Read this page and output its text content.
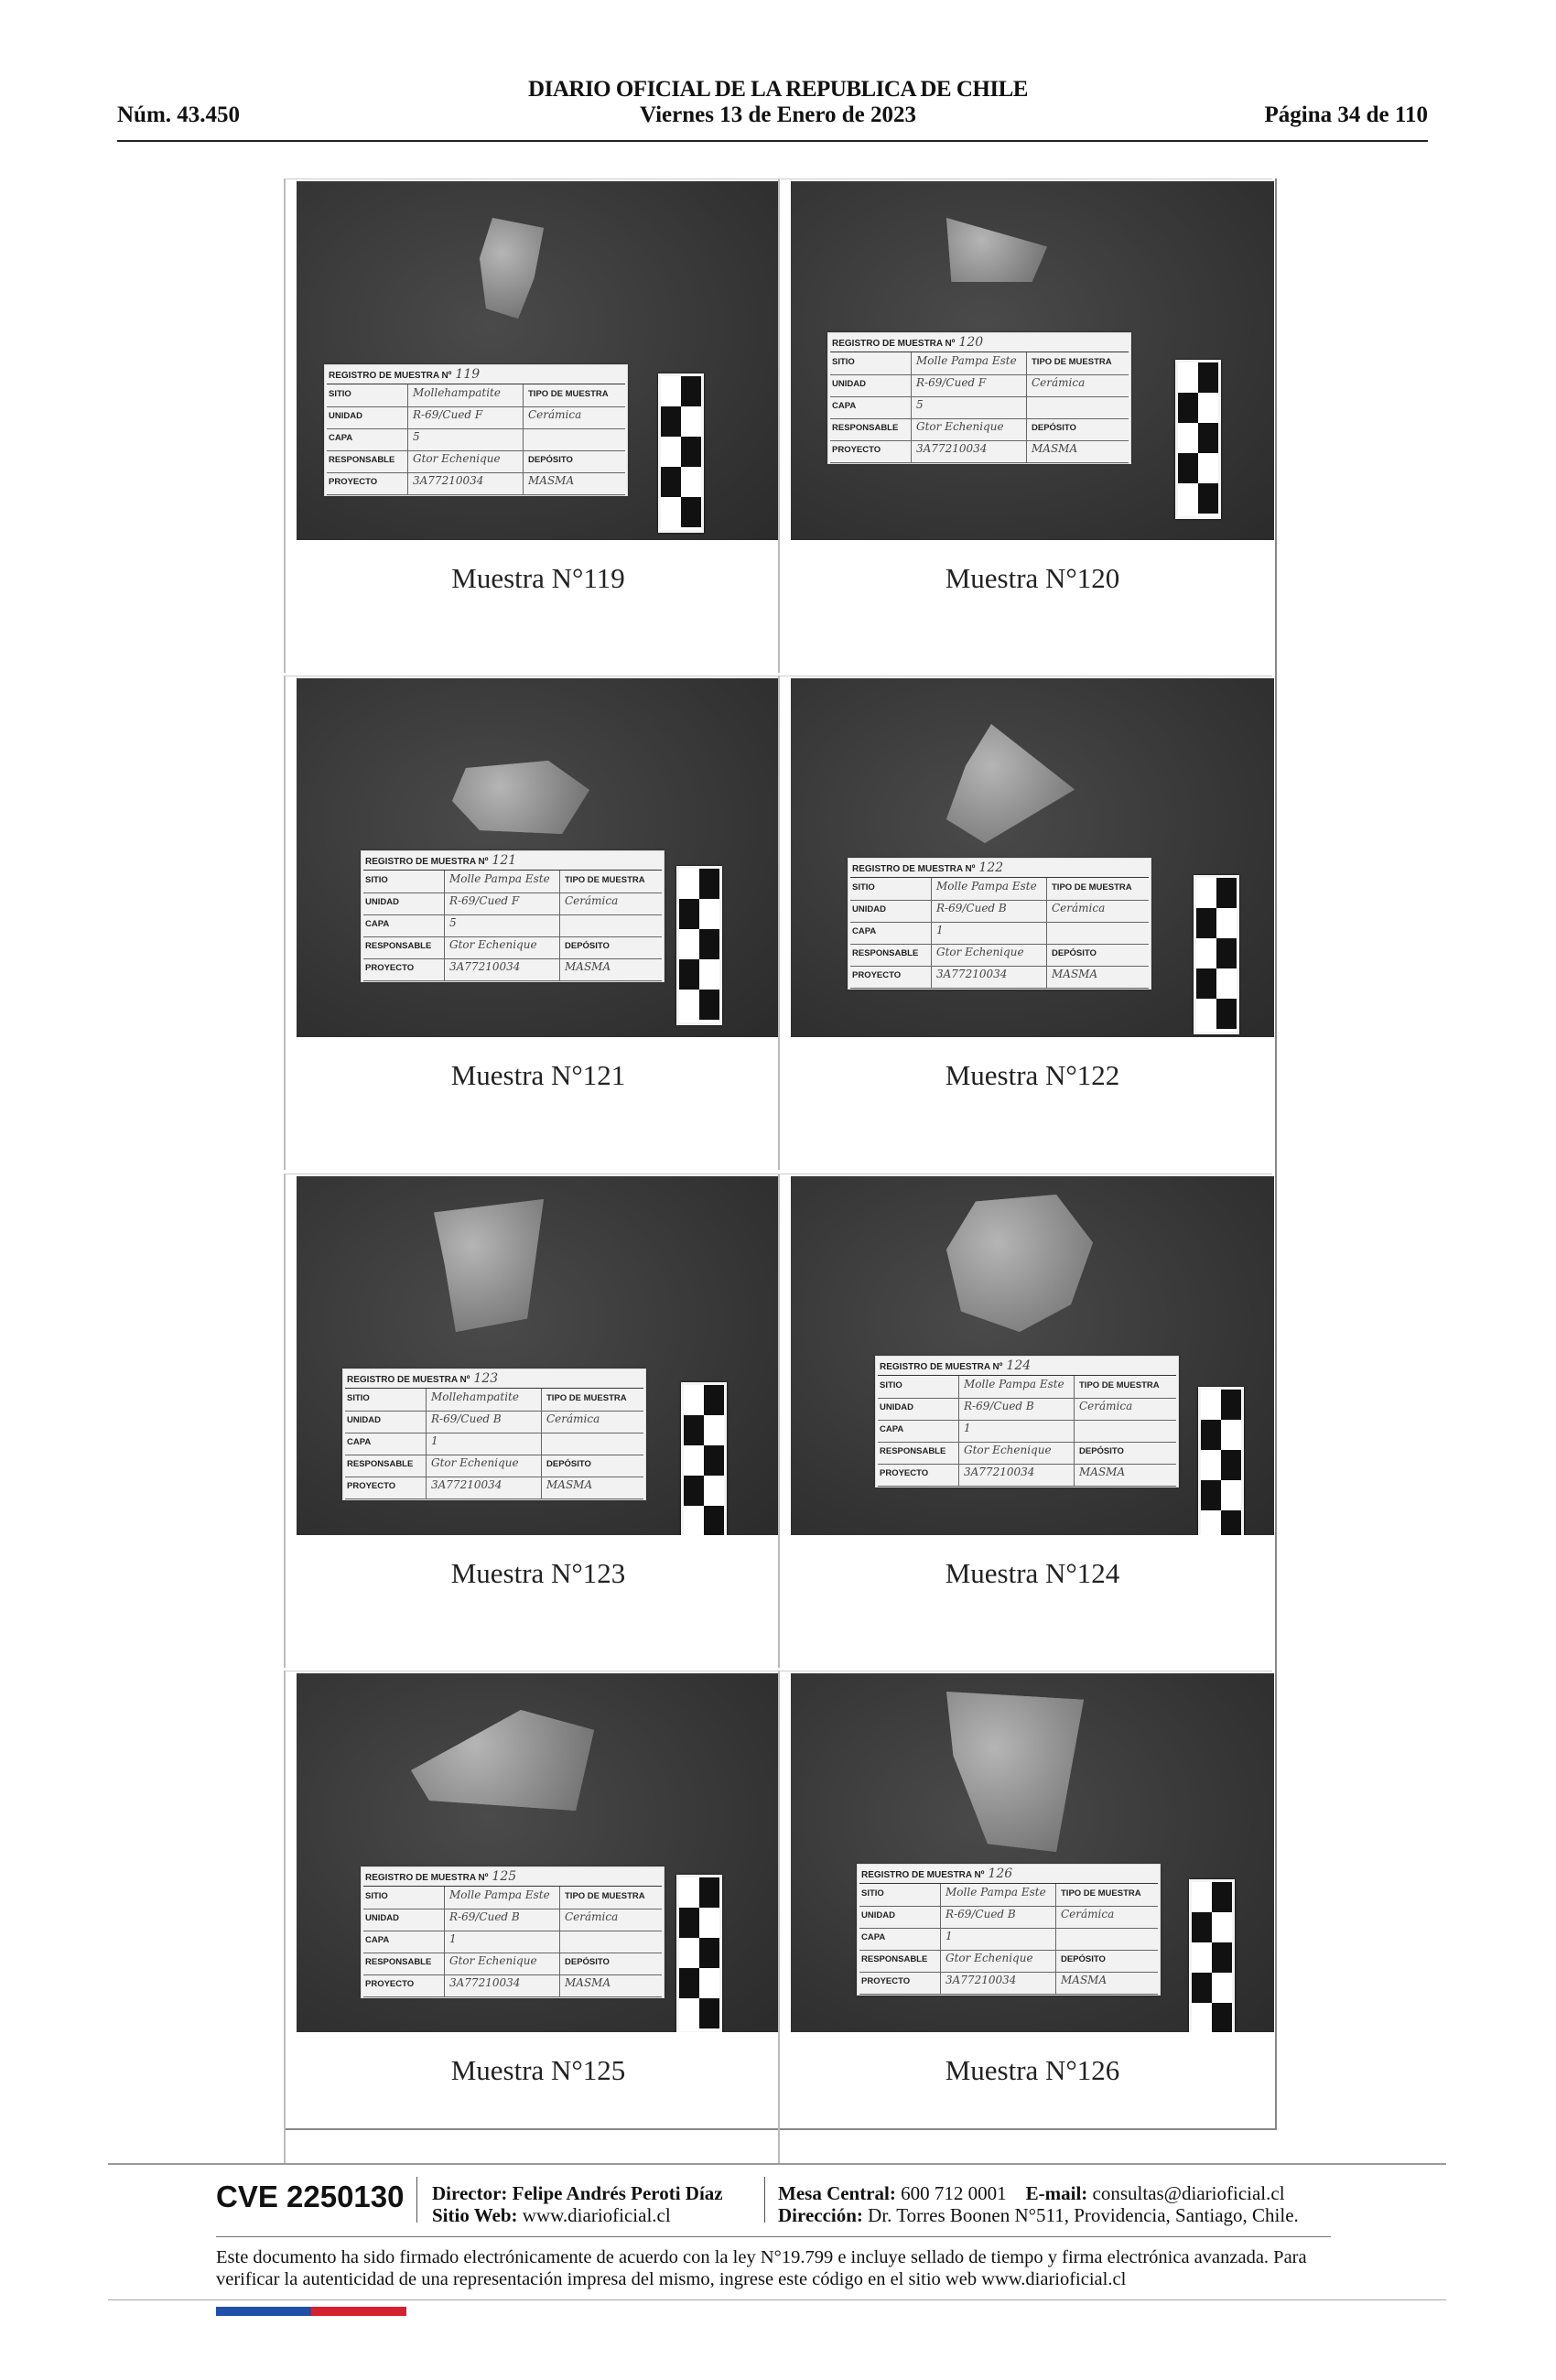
Núm. 43.450
DIARIO OFICIAL DE LA REPUBLICA DE CHILE
Viernes 13 de Enero de 2023	Página 34 de 110
REGISTRO DE MUESTRA Nº 119
SITIO	Mollehampatite	TIPO DE MUESTRA
UNIDAD	R-69/Cued F	Cerámica
CAPA	5
RESPONSABLE Gtor Echenique	DEPÓSITO
PROYECTO	3A77210034	MASMA
Muestra N°119
REGISTRO DE MUESTRA Nº 120
SITIO	Molle Pampa Este TIPO DE MUESTRA
UNIDAD	R-69/Cued F	Cerámica
CAPA	5
RESPONSABLE Gtor Echenique	DEPÓSITO
PROYECTO	3A77210034	MASMA
Muestra N°120
REGISTRO DE MUESTRA Nº 121
SITIO	Molle Pampa Este TIPO DE MUESTRA
UNIDAD	R-69/Cued F	Cerámica
CAPA	5
RESPONSABLE Gtor Echenique	DEPÓSITO
PROYECTO	3A77210034	MASMA
Muestra N°121
REGISTRO DE MUESTRA Nº 122
SITIO	Molle Pampa Este TIPO DE MUESTRA
UNIDAD	R-69/Cued B	Cerámica
CAPA	1
RESPONSABLE Gtor Echenique	DEPÓSITO
PROYECTO	3A77210034	MASMA
Muestra N°122
REGISTRO DE MUESTRA Nº 123
SITIO	Mollehampatite	TIPO DE MUESTRA
UNIDAD	R-69/Cued B	Cerámica
CAPA	1
RESPONSABLE Gtor Echenique	DEPÓSITO
PROYECTO	3A77210034	MASMA
Muestra N°123
REGISTRO DE MUESTRA Nº 124
SITIO	Molle Pampa Este TIPO DE MUESTRA
UNIDAD	R-69/Cued B	Cerámica
CAPA	1
RESPONSABLE Gtor Echenique	DEPÓSITO
PROYECTO	3A77210034	MASMA
Muestra N°124
REGISTRO DE MUESTRA Nº 125
SITIO	Molle Pampa Este TIPO DE MUESTRA
UNIDAD	R-69/Cued B	Cerámica
CAPA	1
RESPONSABLE Gtor Echenique	DEPÓSITO
PROYECTO	3A77210034	MASMA
Muestra N°125
REGISTRO DE MUESTRA Nº 126
SITIO	Molle Pampa Este TIPO DE MUESTRA
UNIDAD	R-69/Cued B	Cerámica
CAPA	1
RESPONSABLE Gtor Echenique	DEPÓSITO
PROYECTO	3A77210034	MASMA
Muestra N°126
CVE 2250130 Director: Felipe Andrés Peroti Díaz
Sitio Web: www.diarioficial.cl
Mesa Central: 600 712 0001 E-mail: consultas@diarioficial.cl
Dirección: Dr. Torres Boonen N°511, Providencia, Santiago, Chile.
Este documento ha sido firmado electrónicamente de acuerdo con la ley N°19.799 e incluye sellado de tiempo y firma electrónica avanzada. Para verificar la autenticidad de una representación impresa del mismo, ingrese este código en el sitio web www.diarioficial.cl
